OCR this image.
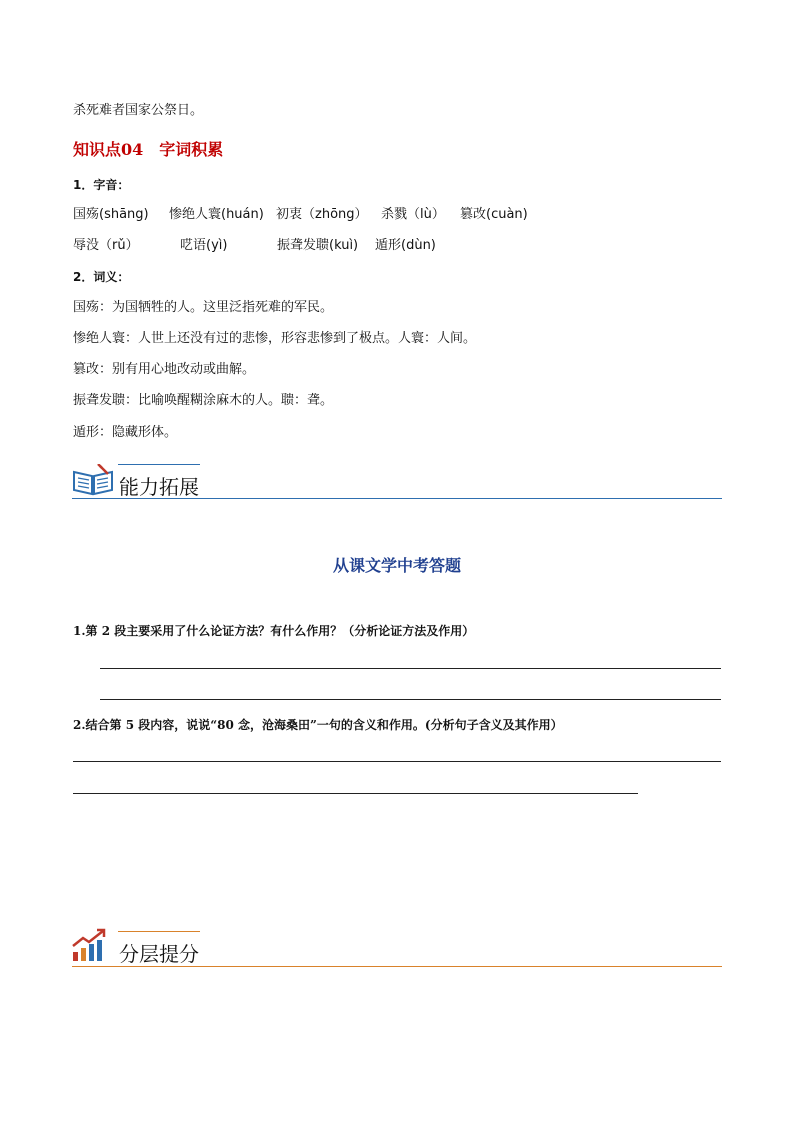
杀死难者国家公祭日。
知识点04　字词积累
1．字音：
国殇(shāng) 惨绝人寰(huán) 初衷（zhōng） 杀戮（lù） 篡改(cuàn)
辱没（rǔ）	呓语(yì)	振聋发聩(kuì) 遁形(dùn)
2．词义：
国殇：为国牺牲的人。这里泛指死难的军民。
惨绝人寰：人世上还没有过的悲惨，形容悲惨到了极点。人寰：人间。
篡改：别有用心地改动或曲解。
振聋发聩：比喻唤醒糊涂麻木的人。聩：聋。
遁形：隐藏形体。
能力拓展
从课文学中考答题
1.第 2 段主要采用了什么论证方法？有什么作用？（分析论证方法及作用）
2.结合第 5 段内容，说说“80 念，沧海桑田”一句的含义和作用。(分析句子含义及其作用）
分层提分
